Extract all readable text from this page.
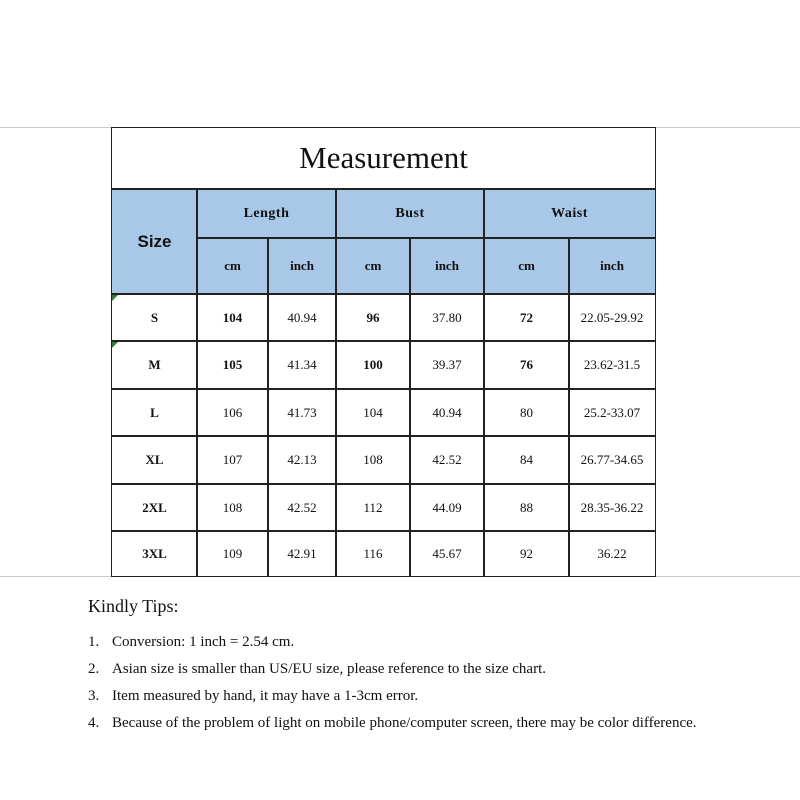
Measurement
Size
Length	Bust	Waist
cm	inch	cm	inch	cm	inch
S	104	40.94	96	37.80	72	22.05-29.92
M	105	41.34	100	39.37	76	23.62-31.5
L	106	41.73	104	40.94	80	25.2-33.07
XL	107	42.13	108	42.52	84	26.77-34.65
2XL	108	42.52	112	44.09	88	28.35-36.22
3XL	109	42.91	116	45.67	92	36.22
Kindly Tips:
1. Conversion: 1 inch = 2.54 cm.
2. Asian size is smaller than US/EU size, please reference to the size chart.
3. Item measured by hand, it may have a 1-3cm error.
4. Because of the problem of light on mobile phone/computer screen, there may be color difference.
